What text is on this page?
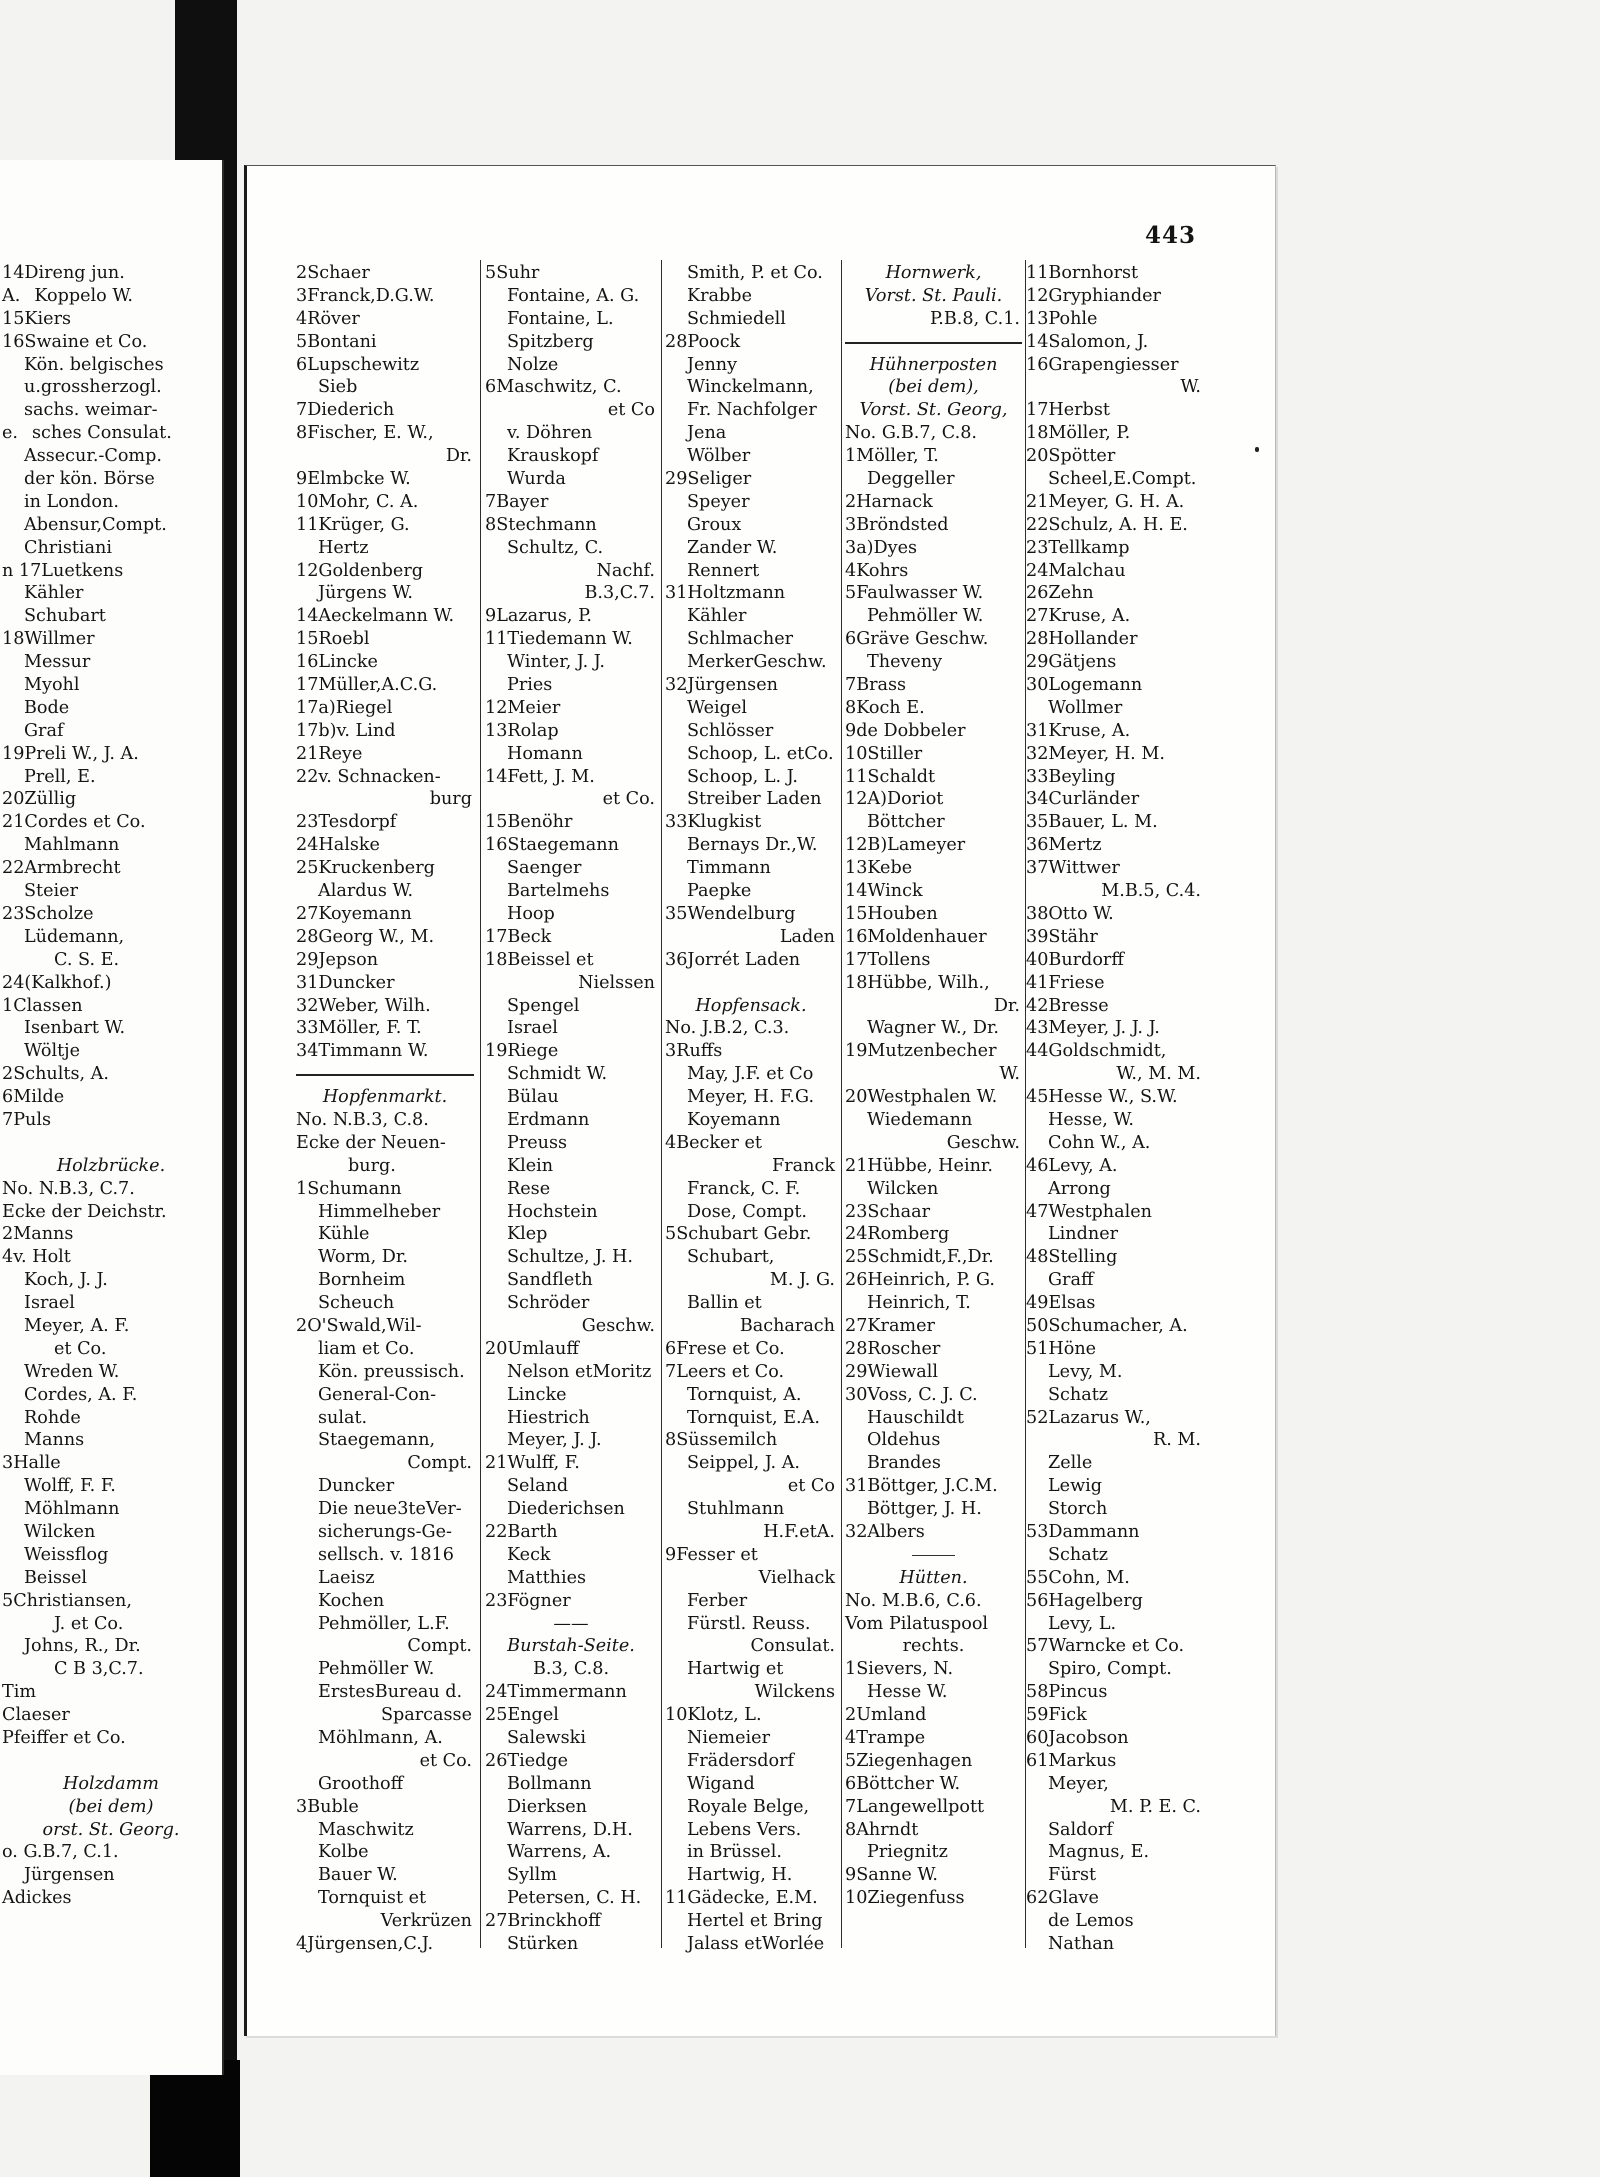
443
14Direng jun.
A. Koppelo W.
15Kiers
16Swaine et Co.
Kön. belgisches
u.grossherzogl.
sachs. weimar-
e. sches Consulat.
Assecur.-Comp.
der kön. Börse
in London.
Abensur,Compt.
Christiani
n 17Luetkens
Kähler
Schubart
18Willmer
Messur
Myohl
Bode
Graf
19Preli W., J. A.
Prell, E.
20Züllig
21Cordes et Co.
Mahlmann
22Armbrecht
Steier
23Scholze
Lüdemann,
C. S. E.
24(Kalkhof.)
1Classen
Isenbart W.
Wöltje
2Schults, A.
6Milde
7Puls
Holzbrücke.
No. N.B.3, C.7.
Ecke der Deichstr.
2Manns
4v. Holt
Koch, J. J.
Israel
Meyer, A. F.
et Co.
Wreden W.
Cordes, A. F.
Rohde
Manns
3Halle
Wolff, F. F.
Möhlmann
Wilcken
Weissflog
Beissel
5Christiansen,
J. et Co.
Johns, R., Dr.
C B 3,C.7.
Tim
Claeser
Pfeiffer et Co.
Holzdamm
(bei dem)
orst. St. Georg.
o. G.B.7, C.1.
Jürgensen
Adickes
2Schaer
3Franck,D.G.W.
4Röver
5Bontani
6Lupschewitz
Sieb
7Diederich
8Fischer, E. W.,
Dr.
9Elmbcke W.
10Mohr, C. A.
11Krüger, G.
Hertz
12Goldenberg
Jürgens W.
14Aeckelmann W.
15Roebl
16Lincke
17Müller,A.C.G.
17a)Riegel
17b)v. Lind
21Reye
22v. Schnacken-
burg
23Tesdorpf
24Halske
25Kruckenberg
Alardus W.
27Koyemann
28Georg W., M.
29Jepson
31Duncker
32Weber, Wilh.
33Möller, F. T.
34Timmann W.
Hopfenmarkt.
No. N.B.3, C.8.
Ecke der Neuen-
burg.
1Schumann
Himmelheber
Kühle
Worm, Dr.
Bornheim
Scheuch
2O'Swald,Wil-
liam et Co.
Kön. preussisch.
General-Con-
sulat.
Staegemann,
Compt.
Duncker
Die neue3teVer-
sicherungs-Ge-
sellsch. v. 1816
Laeisz
Kochen
Pehmöller, L.F.
Compt.
Pehmöller W.
ErstesBureau d.
Sparcasse
Möhlmann, A.
et Co.
Groothoff
3Buble
Maschwitz
Kolbe
Bauer W.
Tornquist et
Verkrüzen
4Jürgensen,C.J.
5Suhr
Fontaine, A. G.
Fontaine, L.
Spitzberg
Nolze
6Maschwitz, C.
et Co
v. Döhren
Krauskopf
Wurda
7Bayer
8Stechmann
Schultz, C.
Nachf.
B.3,C.7.
9Lazarus, P.
11Tiedemann W.
Winter, J. J.
Pries
12Meier
13Rolap
Homann
14Fett, J. M.
et Co.
15Benöhr
16Staegemann
Saenger
Bartelmehs
Hoop
17Beck
18Beissel et
Nielssen
Spengel
Israel
19Riege
Schmidt W.
Bülau
Erdmann
Preuss
Klein
Rese
Hochstein
Klep
Schultze, J. H.
Sandfleth
Schröder
Geschw.
20Umlauff
Nelson etMoritz
Lincke
Hiestrich
Meyer, J. J.
21Wulff, F.
Seland
Diederichsen
22Barth
Keck
Matthies
23Fögner
——
Burstah-Seite.
B.3, C.8.
24Timmermann
25Engel
Salewski
26Tiedge
Bollmann
Dierksen
Warrens, D.H.
Warrens, A.
Syllm
Petersen, C. H.
27Brinckhoff
Stürken
Smith, P. et Co.
Krabbe
Schmiedell
28Poock
Jenny
Winckelmann,
Fr. Nachfolger
Jena
Wölber
29Seliger
Speyer
Groux
Zander W.
Rennert
31Holtzmann
Kähler
Schlmacher
MerkerGeschw.
32Jürgensen
Weigel
Schlösser
Schoop, L. etCo.
Schoop, L. J.
Streiber Laden
33Klugkist
Bernays Dr.,W.
Timmann
Paepke
35Wendelburg
Laden
36Jorrét Laden
Hopfensack.
No. J.B.2, C.3.
3Ruffs
May, J.F. et Co
Meyer, H. F.G.
Koyemann
4Becker et
Franck
Franck, C. F.
Dose, Compt.
5Schubart Gebr.
Schubart,
M. J. G.
Ballin et
Bacharach
6Frese et Co.
7Leers et Co.
Tornquist, A.
Tornquist, E.A.
8Süssemilch
Seippel, J. A.
et Co
Stuhlmann
H.F.etA.
9Fesser et
Vielhack
Ferber
Fürstl. Reuss.
Consulat.
Hartwig et
Wilckens
10Klotz, L.
Niemeier
Frädersdorf
Wigand
Royale Belge,
Lebens Vers.
in Brüssel.
Hartwig, H.
11Gädecke, E.M.
Hertel et Bring
Jalass etWorlée
Hornwerk,
Vorst. St. Pauli.
P.B.8, C.1.
Hühnerposten
(bei dem),
Vorst. St. Georg,
No. G.B.7, C.8.
1Möller, T.
Deggeller
2Harnack
3Bröndsted
3a)Dyes
4Kohrs
5Faulwasser W.
Pehmöller W.
6Gräve Geschw.
Theveny
7Brass
8Koch E.
9de Dobbeler
10Stiller
11Schaldt
12A)Doriot
Böttcher
12B)Lameyer
13Kebe
14Winck
15Houben
16Moldenhauer
17Tollens
18Hübbe, Wilh.,
Dr.
Wagner W., Dr.
19Mutzenbecher
W.
20Westphalen W.
Wiedemann
Geschw.
21Hübbe, Heinr.
Wilcken
23Schaar
24Romberg
25Schmidt,F.,Dr.
26Heinrich, P. G.
Heinrich, T.
27Kramer
28Roscher
29Wiewall
30Voss, C. J. C.
Hauschildt
Oldehus
Brandes
31Böttger, J.C.M.
Böttger, J. H.
32Albers
Hütten.
No. M.B.6, C.6.
Vom Pilatuspool
rechts.
1Sievers, N.
Hesse W.
2Umland
4Trampe
5Ziegenhagen
6Böttcher W.
7Langewellpott
8Ahrndt
Priegnitz
9Sanne W.
10Ziegenfuss
11Bornhorst
12Gryphiander
13Pohle
14Salomon, J.
16Grapengiesser
W.
17Herbst
18Möller, P.
20Spötter
Scheel,E.Compt.
21Meyer, G. H. A.
22Schulz, A. H. E.
23Tellkamp
24Malchau
26Zehn
27Kruse, A.
28Hollander
29Gätjens
30Logemann
Wollmer
31Kruse, A.
32Meyer, H. M.
33Beyling
34Curländer
35Bauer, L. M.
36Mertz
37Wittwer
M.B.5, C.4.
38Otto W.
39Stähr
40Burdorff
41Friese
42Bresse
43Meyer, J. J. J.
44Goldschmidt,
W., M. M.
45Hesse W., S.W.
Hesse, W.
Cohn W., A.
46Levy, A.
Arrong
47Westphalen
Lindner
48Stelling
Graff
49Elsas
50Schumacher, A.
51Höne
Levy, M.
Schatz
52Lazarus W.,
R. M.
Zelle
Lewig
Storch
53Dammann
Schatz
55Cohn, M.
56Hagelberg
Levy, L.
57Warncke et Co.
Spiro, Compt.
58Pincus
59Fick
60Jacobson
61Markus
Meyer,
M. P. E. C.
Saldorf
Magnus, E.
Fürst
62Glave
de Lemos
Nathan
